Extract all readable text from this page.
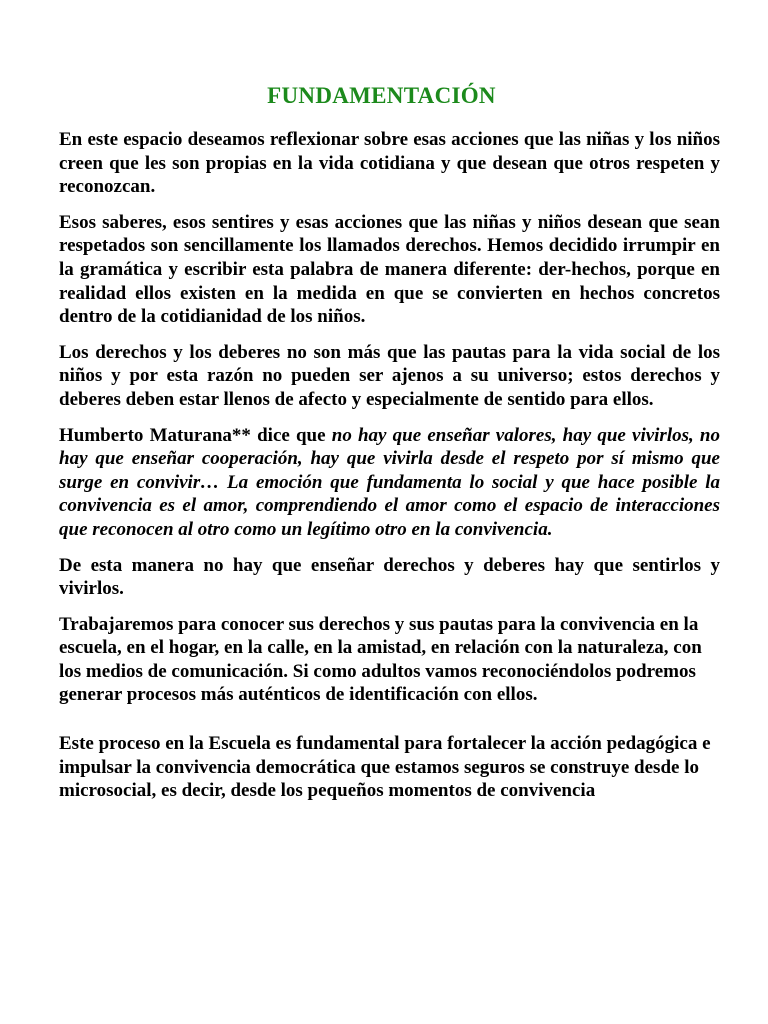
FUNDAMENTACIÓN

En este espacio deseamos reflexionar sobre esas acciones que las niñas y los niños creen que les son propias en la vida cotidiana y que desean que otros respeten y reconozcan.

Esos saberes, esos sentires y esas acciones que las niñas y niños desean que sean respetados son sencillamente los llamados derechos. Hemos decidido irrumpir en la gramática y escribir esta palabra de manera diferente: der-hechos, porque en realidad ellos existen en la medida en que se convierten en hechos concretos dentro de la cotidianidad de los niños.

Los derechos y los deberes no son más que las pautas para la vida social de los niños y por esta razón no pueden ser ajenos a su universo; estos derechos y deberes deben estar llenos de afecto y especialmente de sentido para ellos.

Humberto Maturana** dice que no hay que enseñar valores, hay que vivirlos, no hay que enseñar cooperación, hay que vivirla desde el respeto por sí mismo que surge en convivir… La emoción que fundamenta lo social y que hace posible la convivencia es el amor, comprendiendo el amor como el espacio de interacciones que reconocen al otro como un legítimo otro en la convivencia.

De esta manera no hay que enseñar derechos y deberes hay que sentirlos y vivirlos.

Trabajaremos para conocer sus derechos y sus pautas para la convivencia en la escuela, en el hogar, en la calle, en la amistad, en relación con la naturaleza, con los medios de comunicación. Si como adultos vamos reconociéndolos podremos generar procesos más auténticos de identificación con ellos.

Este proceso en la Escuela es fundamental para fortalecer la acción pedagógica e impulsar la convivencia democrática que estamos seguros se construye desde lo microsocial, es decir, desde los pequeños momentos de convivencia
